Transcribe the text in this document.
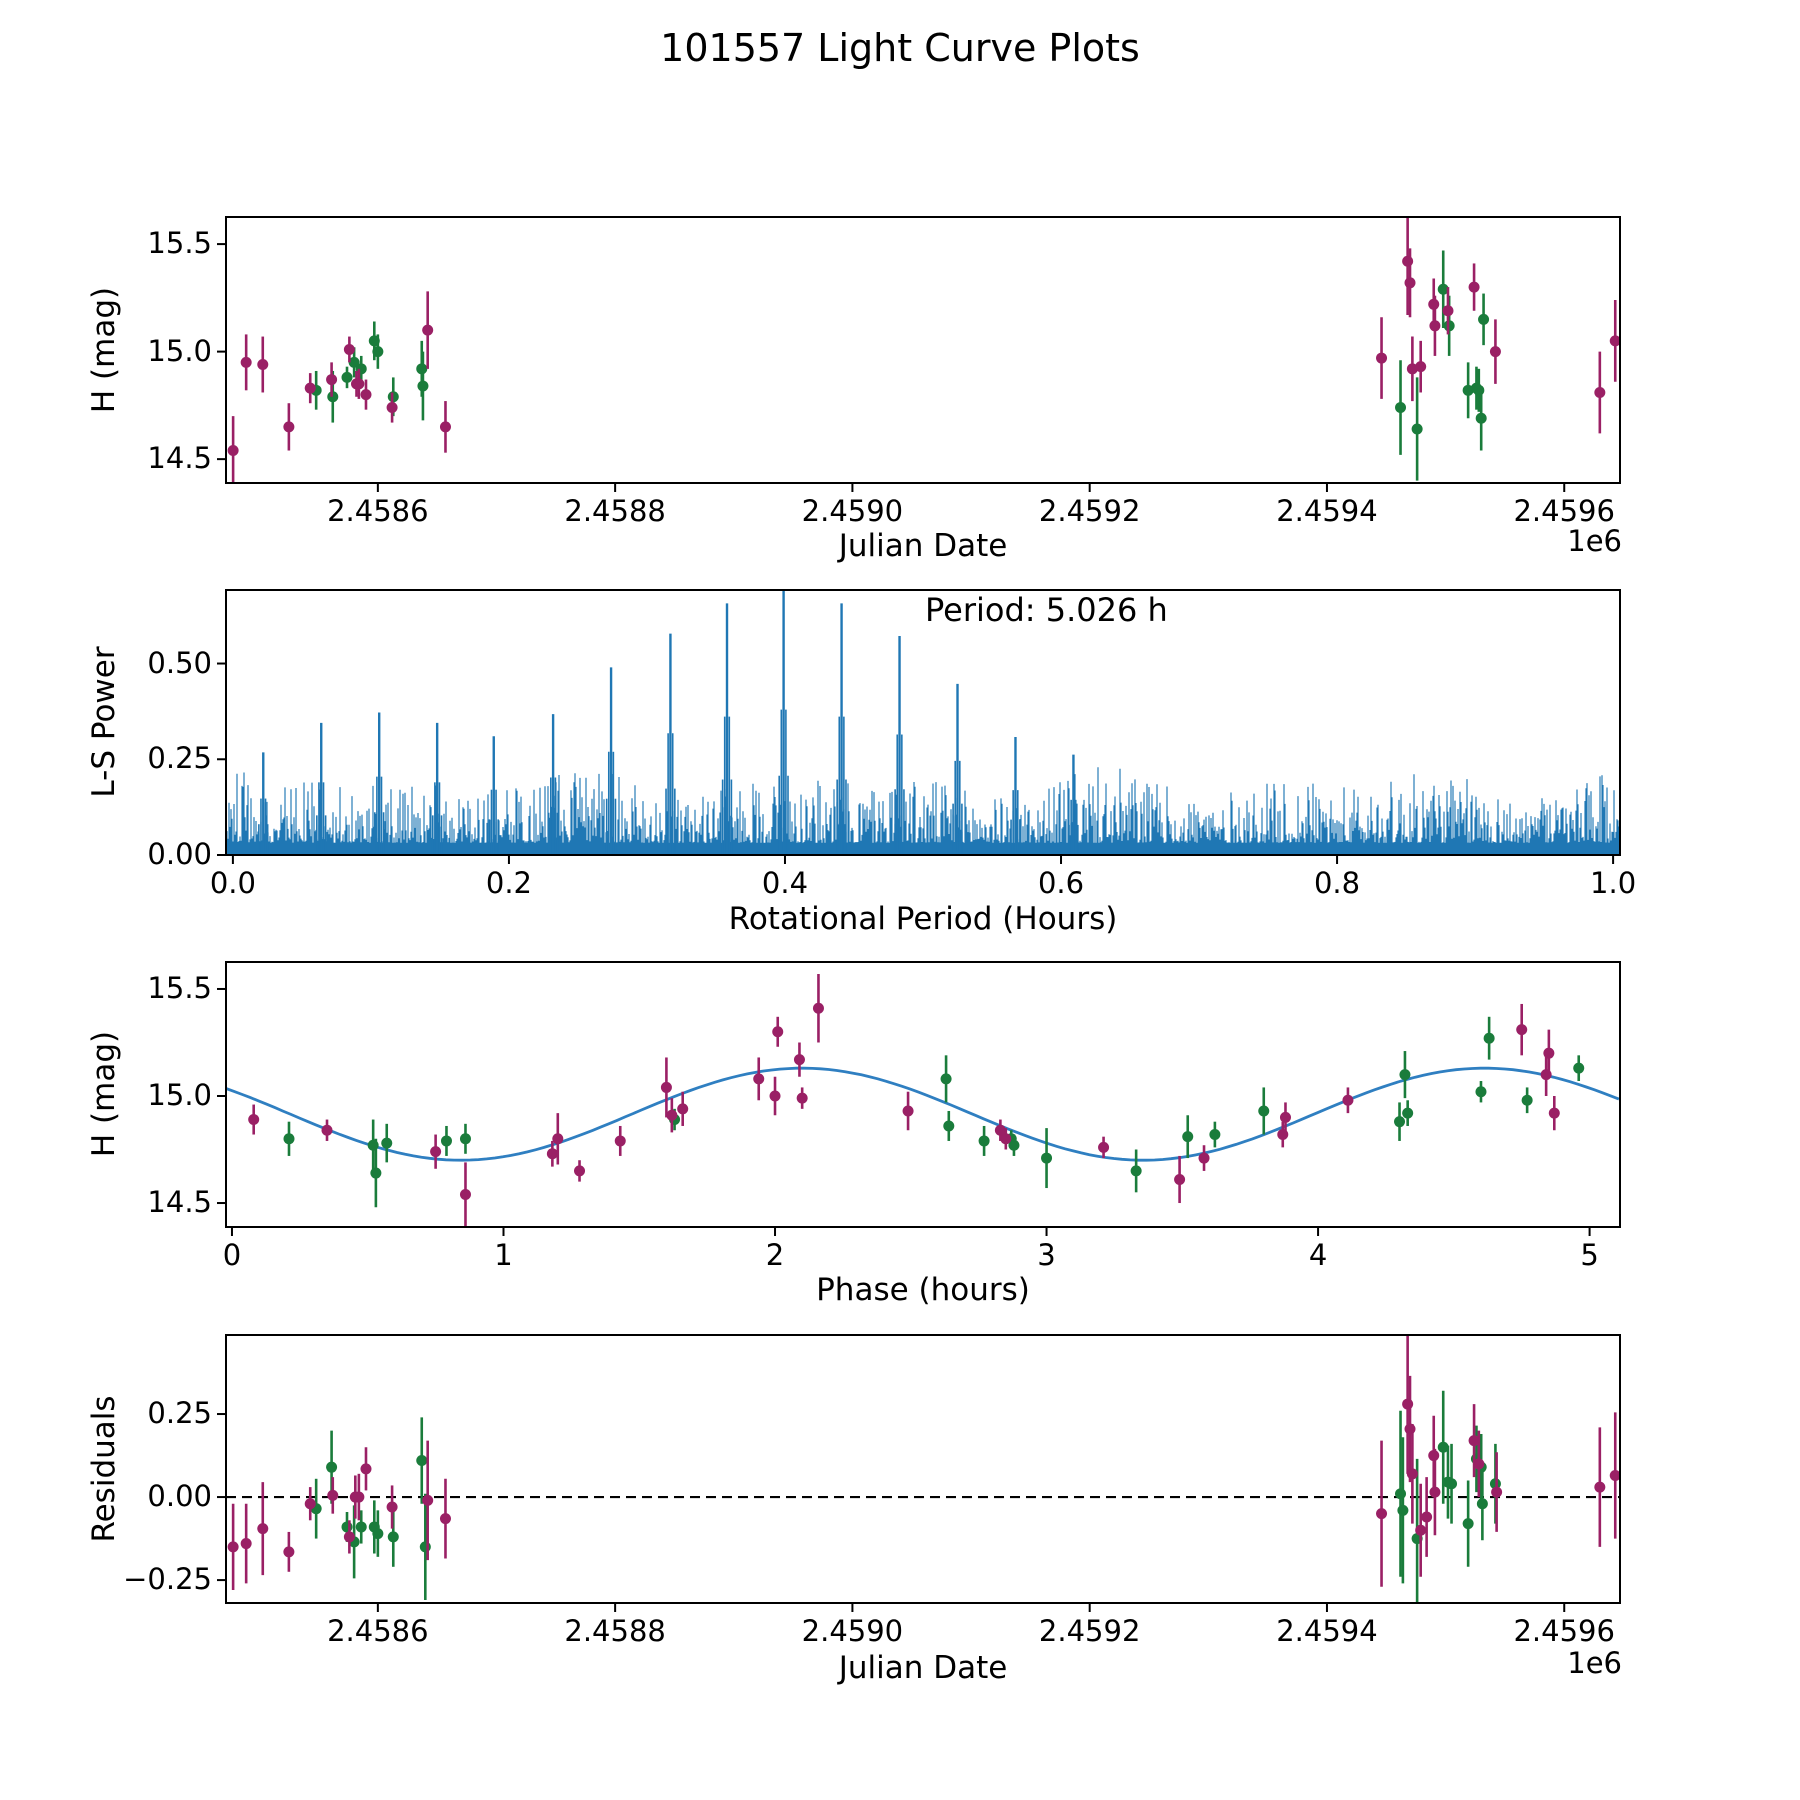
2.4586	2.4588	2.4590	2.4592	2.4594	2.4596
14.5
15.0
15.5
0.0	0.2	0.4	0.6	0.8	1.0
0.00
0.25
0.50
0	1	2	3	4	5
14.5
15.0
15.5
2.4586	2.4588	2.4590	2.4592	2.4594	2.4596
−0.25
0.00
0.25
101557 Light Curve Plots
H (mag)
L-S Power
H (mag)
Residuals
Julian Date
Rotational Period (Hours)
Phase (hours)
Julian Date
1e6
1e6
Period: 5.026 h
